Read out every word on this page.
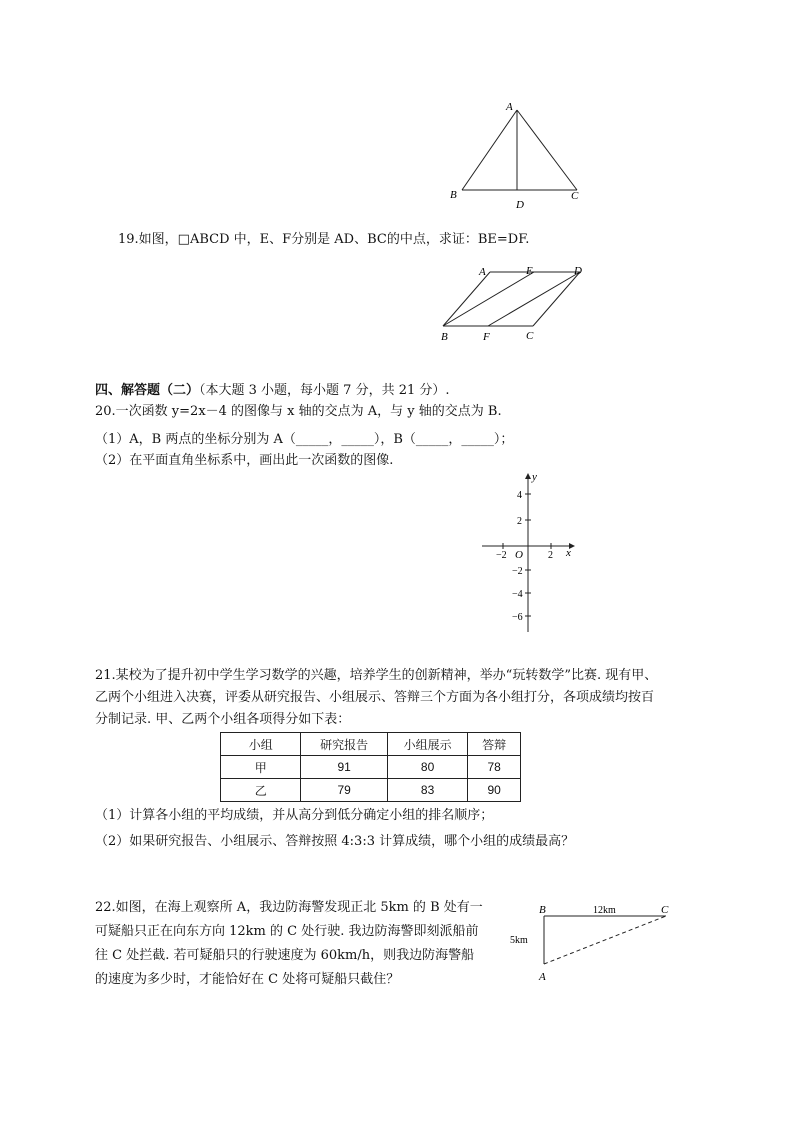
A
B	C
D
19.如图，□ABCD 中，E、F分别是 AD、BC的中点，求证：BE=DF.
A	E	D
B	F	C
四、解答题（二）（本大题 3 小题，每小题 7 分，共 21 分）.
20.一次函数 y=2x－4 的图像与 x 轴的交点为 A，与 y 轴的交点为 B.
（1）A，B 两点的坐标分别为 A（_____，_____），B（_____，_____）；
（2）在平面直角坐标系中，画出此一次函数的图像.
y
x
O
4
2
−2
−4
−6
−2	2
21.某校为了提升初中学生学习数学的兴趣，培养学生的创新精神，举办“玩转数学”比赛. 现有甲、
乙两个小组进入决赛，评委从研究报告、小组展示、答辩三个方面为各小组打分，各项成绩均按百
分制记录. 甲、乙两个小组各项得分如下表：
小组	研究报告	小组展示	答辩
甲	91	80	78
乙	79	83	90
（1）计算各小组的平均成绩，并从高分到低分确定小组的排名顺序；
（2）如果研究报告、小组展示、答辩按照 4:3:3 计算成绩，哪个小组的成绩最高？
22.如图，在海上观察所 A，我边防海警发现正北 5km 的 B 处有一
可疑船只正在向东方向 12km 的 C 处行驶. 我边防海警即刻派船前
往 C 处拦截. 若可疑船只的行驶速度为 60km/h，则我边防海警船
的速度为多少时，才能恰好在 C 处将可疑船只截住？
B	C
A
12km
5km
